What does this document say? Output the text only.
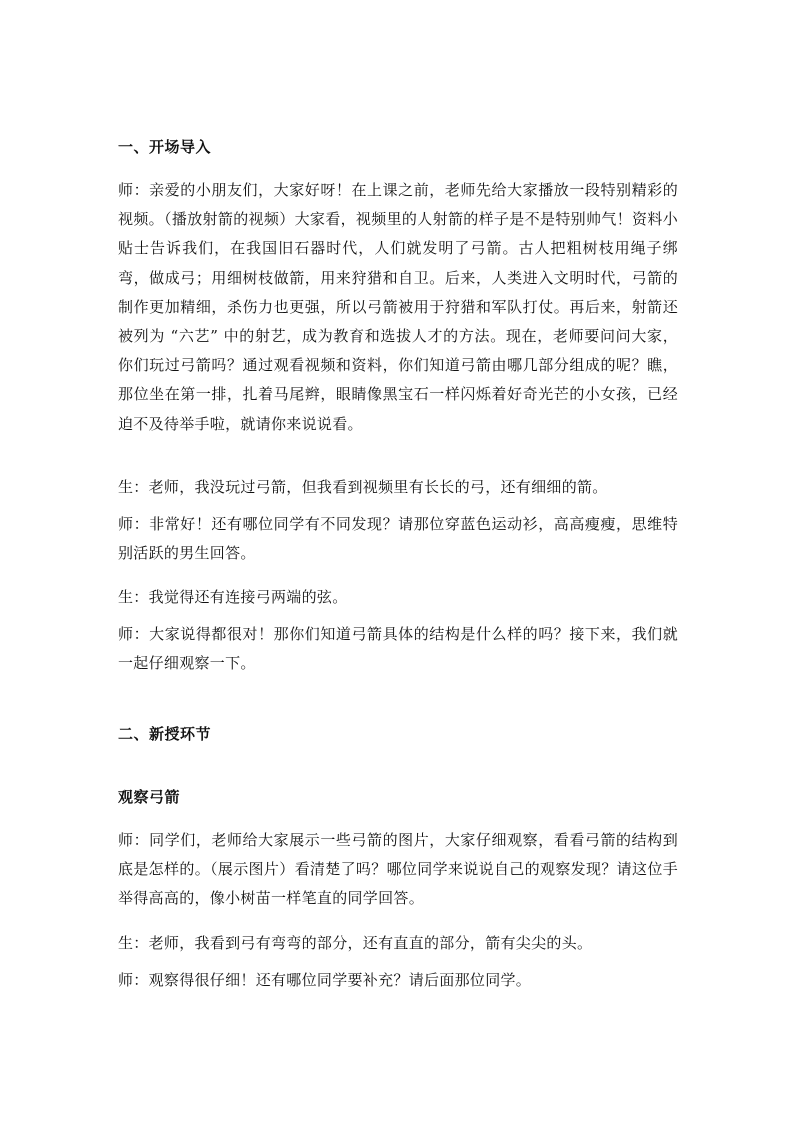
一、开场导入
师：亲爱的小朋友们，大家好呀！在上课之前，老师先给大家播放一段特别精彩的视频。（播放射箭的视频）大家看，视频里的人射箭的样子是不是特别帅气！资料小贴士告诉我们，在我国旧石器时代，人们就发明了弓箭。古人把粗树枝用绳子绑弯，做成弓；用细树枝做箭，用来狩猎和自卫。后来，人类进入文明时代，弓箭的制作更加精细，杀伤力也更强，所以弓箭被用于狩猎和军队打仗。再后来，射箭还被列为 “六艺” 中的射艺，成为教育和选拔人才的方法。现在，老师要问问大家，你们玩过弓箭吗？通过观看视频和资料，你们知道弓箭由哪几部分组成的呢？瞧，那位坐在第一排，扎着马尾辫，眼睛像黑宝石一样闪烁着好奇光芒的小女孩，已经迫不及待举手啦，就请你来说说看。
生：老师，我没玩过弓箭，但我看到视频里有长长的弓，还有细细的箭。
师：非常好！还有哪位同学有不同发现？请那位穿蓝色运动衫，高高瘦瘦，思维特别活跃的男生回答。
生：我觉得还有连接弓两端的弦。
师：大家说得都很对！那你们知道弓箭具体的结构是什么样的吗？接下来，我们就一起仔细观察一下。
二、新授环节
观察弓箭
师：同学们，老师给大家展示一些弓箭的图片，大家仔细观察，看看弓箭的结构到底是怎样的。（展示图片）看清楚了吗？哪位同学来说说自己的观察发现？请这位手举得高高的，像小树苗一样笔直的同学回答。
生：老师，我看到弓有弯弯的部分，还有直直的部分，箭有尖尖的头。
师：观察得很仔细！还有哪位同学要补充？请后面那位同学。
